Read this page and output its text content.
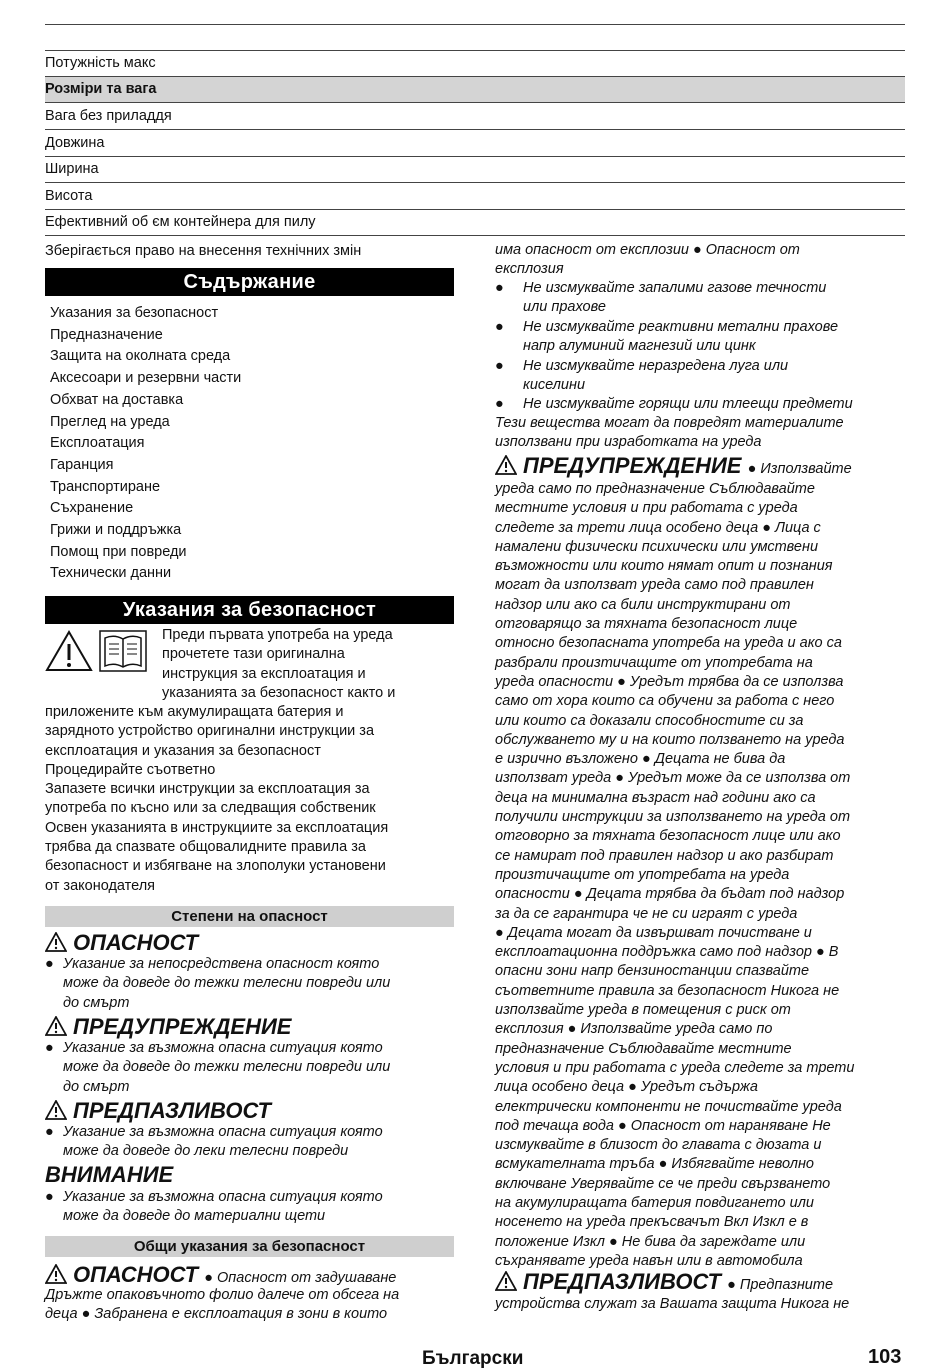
Потужність макс
Розміри та вага
Вага без приладдя
Довжина
Ширина
Висота
Ефективний об єм контейнера для пилу
Зберігається право на внесення технічних змін
Съдържание
Указания за безопасност
Предназначение
Защита на околната среда
Аксесоари и резервни части
Обхват на доставка
Преглед на уреда
Експлоатация
Гаранция
Транспортиране
Съхранение
Грижи и поддръжка
Помощ при повреди
Технически данни
Указания за безопасност
Преди първата употреба на уреда
прочетете тази оригинална
инструкция за експлоатация и
указанията за безопасност както и
приложените към акумулиращата батерия и
зарядното устройство оригинални инструкции за
експлоатация и указания за безопасност
Процедирайте съответно
Запазете всички инструкции за експлоатация за
употреба по късно или за следващия собственик
Освен указанията в инструкциите за експлоатация
трябва да спазвате общовалидните правила за
безопасност и избягване на злополуки установени
от законодателя
Степени на опасност
ОПАСНОСТ
● Указание за непосредствена опасност която
може да доведе до тежки телесни повреди или
до смърт
ПРЕДУПРЕЖДЕНИЕ
● Указание за възможна опасна ситуация която
може да доведе до тежки телесни повреди или
до смърт
ПРЕДПАЗЛИВОСТ
● Указание за възможна опасна ситуация която
може да доведе до леки телесни повреди
ВНИМАНИЕ
● Указание за възможна опасна ситуация която
може да доведе до материални щети
Общи указания за безопасност
ОПАСНОСТ ● Опасност от задушаване
Дръжте опаковъчното фолио далече от обсега на
деца ● Забранена е експлоатация в зони в които
има опасност от експлозии ● Опасност от
експлозия
● Не изсмуквайте запалими газове течности
или прахове
● Не изсмуквайте реактивни метални прахове
напр алуминий магнезий или цинк
● Не изсмуквайте неразредена луга или
киселини
● Не изсмуквайте горящи или тлеещи предмети
Тези вещества могат да повредят материалите
използвани при изработката на уреда
ПРЕДУПРЕЖДЕНИЕ ● Използвайте
уреда само по предназначение Съблюдавайте
местните условия и при работата с уреда
следете за трети лица особено деца ● Лица с
намалени физически психически или умствени
възможности или които нямат опит и познания
могат да използват уреда само под правилен
надзор или ако са били инструктирани от
отговарящо за тяхната безопасност лице
относно безопасната употреба на уреда и ако са
разбрали произтичащите от употребата на
уреда опасности ● Уредът трябва да се използва
само от хора които са обучени за работа с него
или които са доказали способностите си за
обслужването му и на които ползването на уреда
е изрично възложено ● Децата не бива да
използват уреда ● Уредът може да се използва от
деца на минимална възраст над години ако са
получили инструкции за използването на уреда от
отговорно за тяхната безопасност лице или ако
се намират под правилен надзор и ако разбират
произтичащите от употребата на уреда
опасности ● Децата трябва да бъдат под надзор
за да се гарантира че не си играят с уреда
● Децата могат да извършват почистване и
експлоатационна поддръжка само под надзор ● В
опасни зони напр бензиностанции спазвайте
съответните правила за безопасност Никога не
използвайте уреда в помещения с риск от
експлозия ● Използвайте уреда само по
предназначение Съблюдавайте местните
условия и при работата с уреда следете за трети
лица особено деца ● Уредът съдържа
електрически компоненти не почиствайте уреда
под течаща вода ● Опасност от нараняване Не
изсмуквайте в близост до главата с дюзата и
всмукателната тръба ● Избягвайте неволно
включване Уверявайте се че преди свързването
на акумулиращата батерия повдигането или
носенето на уреда прекъсвачът Вкл Изкл е в
положение Изкл ● Не бива да зареждате или
съхранявате уреда навън или в автомобила
ПРЕДПАЗЛИВОСТ ● Предпазните
устройства служат за Вашата защита Никога не
Български	103
